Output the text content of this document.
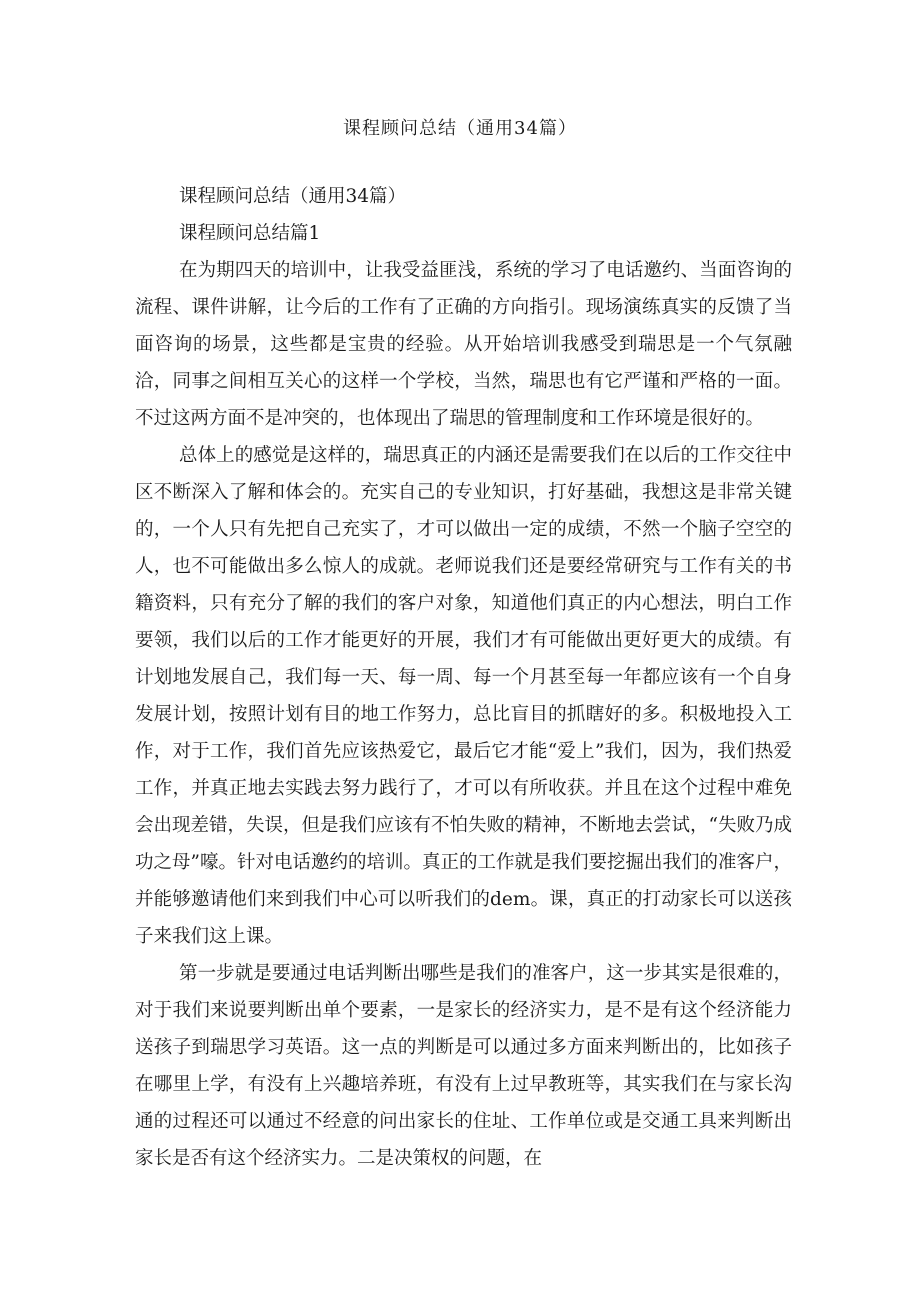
课程顾问总结（通用34篇）

课程顾问总结（通用34篇）

课程顾问总结篇1

在为期四天的培训中，让我受益匪浅，系统的学习了电话邀约、当面咨询的流程、课件讲解，让今后的工作有了正确的方向指引。现场演练真实的反馈了当面咨询的场景，这些都是宝贵的经验。从开始培训我感受到瑞思是一个气氛融洽，同事之间相互关心的这样一个学校，当然，瑞思也有它严谨和严格的一面。不过这两方面不是冲突的，也体现出了瑞思的管理制度和工作环境是很好的。

总体上的感觉是这样的，瑞思真正的内涵还是需要我们在以后的工作交往中区不断深入了解和体会的。充实自己的专业知识，打好基础，我想这是非常关键的，一个人只有先把自己充实了，才可以做出一定的成绩，不然一个脑子空空的人，也不可能做出多么惊人的成就。老师说我们还是要经常研究与工作有关的书籍资料，只有充分了解的我们的客户对象，知道他们真正的内心想法，明白工作要领，我们以后的工作才能更好的开展，我们才有可能做出更好更大的成绩。有计划地发展自己，我们每一天、每一周、每一个月甚至每一年都应该有一个自身发展计划，按照计划有目的地工作努力，总比盲目的抓瞎好的多。积极地投入工作，对于工作，我们首先应该热爱它，最后它才能“爱上”我们，因为，我们热爱工作，并真正地去实践去努力践行了，才可以有所收获。并且在这个过程中难免会出现差错，失误，但是我们应该有不怕失败的精神，不断地去尝试，“失败乃成功之母”嚎。针对电话邀约的培训。真正的工作就是我们要挖掘出我们的准客户，并能够邀请他们来到我们中心可以听我们的dem。课，真正的打动家长可以送孩子来我们这上课。

第一步就是要通过电话判断出哪些是我们的准客户，这一步其实是很难的，对于我们来说要判断出单个要素，一是家长的经济实力，是不是有这个经济能力送孩子到瑞思学习英语。这一点的判断是可以通过多方面来判断出的，比如孩子在哪里上学，有没有上兴趣培养班，有没有上过早教班等，其实我们在与家长沟通的过程还可以通过不经意的问出家长的住址、工作单位或是交通工具来判断出家长是否有这个经济实力。二是决策权的问题，在
